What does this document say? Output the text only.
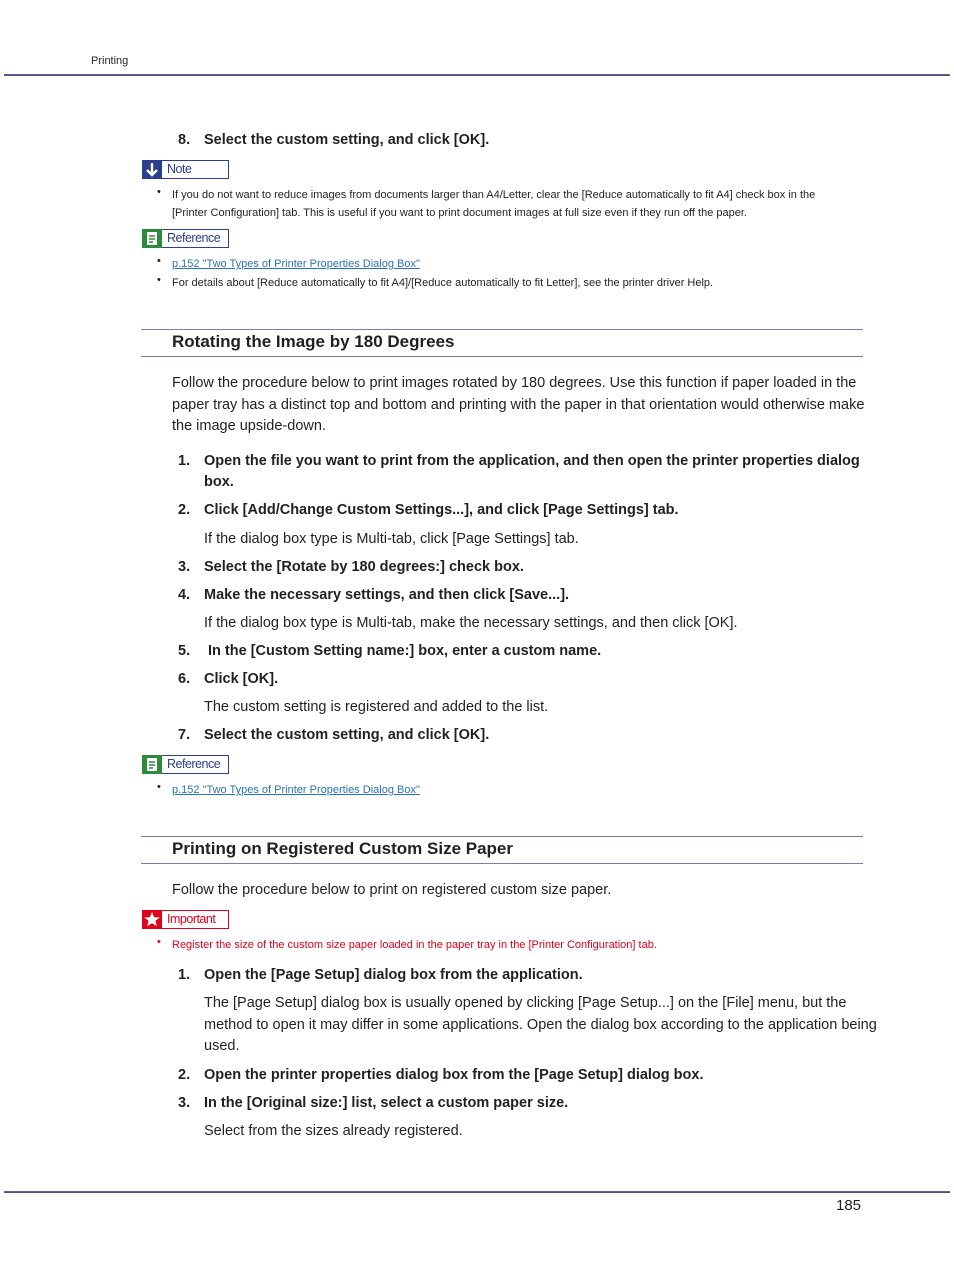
Printing
8. Select the custom setting, and click [OK].
Note
• If you do not want to reduce images from documents larger than A4/Letter, clear the [Reduce automatically to fit A4] check box in the
[Printer Configuration] tab. This is useful if you want to print document images at full size even if they run off the paper.
Reference
• p.152 "Two Types of Printer Properties Dialog Box"
• For details about [Reduce automatically to fit A4]/[Reduce automatically to fit Letter], see the printer driver Help.
Rotating the Image by 180 Degrees
Follow the procedure below to print images rotated by 180 degrees. Use this function if paper loaded in the
paper tray has a distinct top and bottom and printing with the paper in that orientation would otherwise make
the image upside-down.
1. Open the file you want to print from the application, and then open the printer properties dialog
box.
2. Click [Add/Change Custom Settings...], and click [Page Settings] tab.
If the dialog box type is Multi-tab, click [Page Settings] tab.
3. Select the [Rotate by 180 degrees:] check box.
4. Make the necessary settings, and then click [Save...].
If the dialog box type is Multi-tab, make the necessary settings, and then click [OK].
5.	In the [Custom Setting name:] box, enter a custom name.
6. Click [OK].
The custom setting is registered and added to the list.
7. Select the custom setting, and click [OK].
Reference
• p.152 "Two Types of Printer Properties Dialog Box"
Printing on Registered Custom Size Paper
Follow the procedure below to print on registered custom size paper.
Important
• Register the size of the custom size paper loaded in the paper tray in the [Printer Configuration] tab.
1. Open the [Page Setup] dialog box from the application.
The [Page Setup] dialog box is usually opened by clicking [Page Setup...] on the [File] menu, but the
method to open it may differ in some applications. Open the dialog box according to the application being
used.
2. Open the printer properties dialog box from the [Page Setup] dialog box.
3. In the [Original size:] list, select a custom paper size.
Select from the sizes already registered.
185
